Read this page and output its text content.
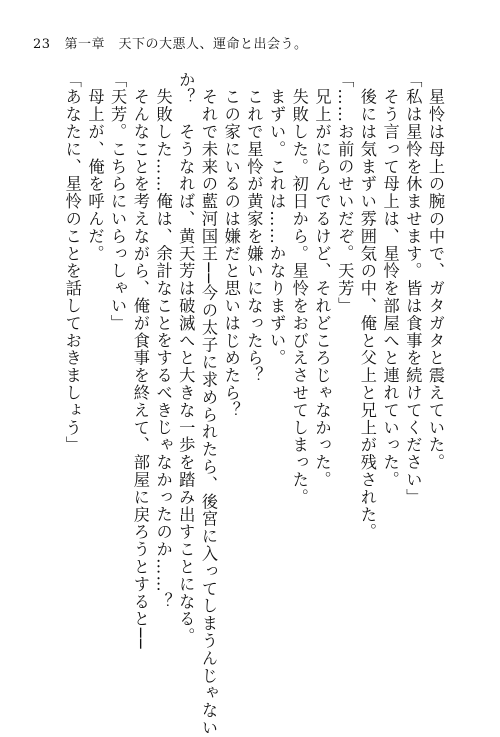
23 第一章　天下の大悪人、運命と出会う。
　星怜は母上の腕の中で、ガタガタと震えていた。
「私は星怜を休ませます。皆は食事を続けてください」
　そう言って母上は、星怜を部屋へと連れていった。
　後には気まずい雰囲気の中、俺と父上と兄上が残された。
「……お前のせいだぞ。天芳」
　兄上がにらんでるけど、それどころじゃなかった。
　失敗した。初日から。星怜をおびえさせてしまった。
　まずい。これは……かなりまずい。
　これで星怜が黄家を嫌いになったら？
　この家にいるのは嫌だと思いはじめたら？
　それで未来の藍河国王──今の太子に求められたら、後宮に入ってしまうんじゃない
か？　そうなれば、黄天芳は破滅へと大きな一歩を踏み出すことになる。
　失敗した……俺は、余計なことをするべきじゃなかったのか……？
　そんなことを考えながら、俺が食事を終えて、部屋に戻ろうとすると──
「天芳。こちらにいらっしゃい」
　母上が、俺を呼んだ。
「あなたに、星怜のことを話しておきましょう」
